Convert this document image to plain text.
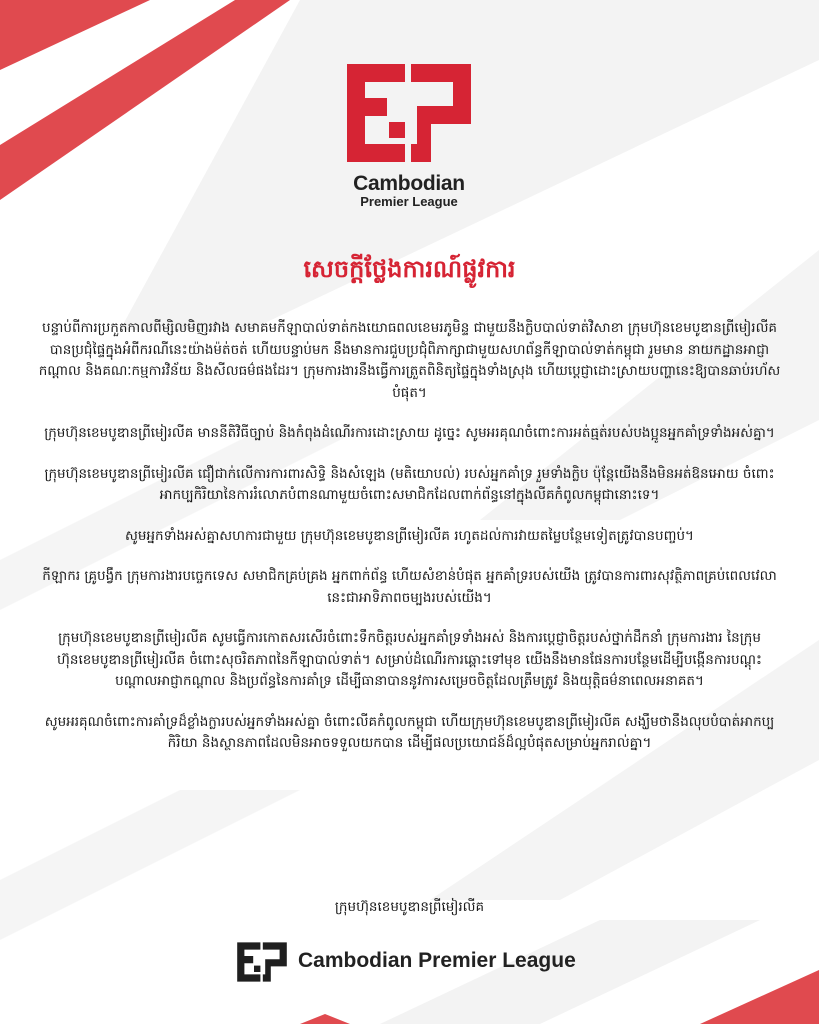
Cambodian
Premier League
សេចក្តីថ្លែងការណ៍ផ្លូវការ

បន្ទាប់ពីការប្រកួតកាលពីម្សិលមិញរវាង សមាគមកីឡាបាល់ទាត់កងយោធពលខេមរភូមិន្ទ ជាមួយនឹងក្លិបបាល់ទាត់វិសាខា ក្រុមហ៊ុនខេមបូឌានព្រីមៀរលីគ បានប្រជុំផ្ទៃក្នុងអំពីករណីនេះយ៉ាងម៉ត់ចត់ ហើយបន្ទាប់មក នឹងមានការជួបប្រជុំពិភាក្សាជាមួយសហព័ន្ធកីឡាបាល់ទាត់កម្ពុជា រួមមាន នាយកដ្ឋានអាជ្ញាកណ្តាល និងគណៈកម្មការវិន័យ និងសីលធម៌ផងដែរ។ ក្រុមការងារនឹងធ្វើការត្រួតពិនិត្យផ្ទៃក្នុងទាំងស្រុង ហើយប្តេជ្ញាដោះស្រាយបញ្ហានេះឱ្យបានឆាប់រហ័សបំផុត។

ក្រុមហ៊ុនខេមបូឌានព្រីមៀរលីគ មាននីតិវិធីច្បាប់ និងកំពុងដំណើរការដោះស្រាយ ដូច្នេះ សូមអរគុណចំពោះការអត់ធ្មត់របស់បងប្អូនអ្នកគាំទ្រទាំងអស់គ្នា។

ក្រុមហ៊ុនខេមបូឌានព្រីមៀរលីគ ជឿជាក់លើការការពារសិទ្ធិ និងសំឡេង (មតិយោបល់) របស់អ្នកគាំទ្រ រួមទាំងក្លិប ប៉ុន្តែយើងនឹងមិនអត់ឱនអោយ ចំពោះអាកប្បកិរិយានៃការរំលោភបំពានណាមួយចំពោះសមាជិកដែលពាក់ព័ន្ធនៅក្នុងលីគកំពូលកម្ពុជានោះទេ។

សូមអ្នកទាំងអស់គ្នាសហការជាមួយ ក្រុមហ៊ុនខេមបូឌានព្រីមៀរលីគ រហូតដល់ការវាយតម្លៃបន្ថែមទៀតត្រូវបានបញ្ចប់។

កីឡាករ គ្រូបង្វឹក ក្រុមការងារបច្ចេកទេស សមាជិកគ្រប់គ្រង អ្នកពាក់ព័ន្ធ ហើយសំខាន់បំផុត អ្នកគាំទ្ររបស់យើង ត្រូវបានការពារសុវត្ថិភាពគ្រប់ពេលវេលា នេះជាអាទិភាពចម្បងរបស់យើង។

ក្រុមហ៊ុនខេមបូឌានព្រីមៀរលីគ សូមធ្វើការកោតសរសើរចំពោះទឹកចិត្តរបស់អ្នកគាំទ្រទាំងអស់ និងការប្តេជ្ញាចិត្តរបស់ថ្នាក់ដឹកនាំ ក្រុមការងារ នៃក្រុមហ៊ុនខេមបូឌានព្រីមៀរលីគ ចំពោះសុចរិតភាពនៃកីឡាបាល់ទាត់។ សម្រាប់ដំណើរការឆ្ពោះទៅមុខ យើងនឹងមានផែនការបន្ថែមដើម្បីបង្កើនការបណ្តុះបណ្តាលអាជ្ញាកណ្តាល និងប្រព័ន្ធនៃការគាំទ្រ ដើម្បីធានាបាននូវការសម្រេចចិត្តដែលត្រឹមត្រូវ និងយុត្តិធម៌នាពេលអនាគត។

សូមអរគុណចំពោះការគាំទ្រដ៏ខ្លាំងក្លារបស់អ្នកទាំងអស់គ្នា ចំពោះលីគកំពូលកម្ពុជា ហើយក្រុមហ៊ុនខេមបូឌានព្រីមៀរលីគ សង្ឃឹមថានឹងលុបបំបាត់អាកប្បកិរិយា និងស្ថានភាពដែលមិនអាចទទួលយកបាន ដើម្បីផលប្រយោជន៍ដ៏ល្អបំផុតសម្រាប់អ្នករាល់គ្នា។

ក្រុមហ៊ុនខេមបូឌានព្រីមៀរលីគ
Cambodian Premier League
